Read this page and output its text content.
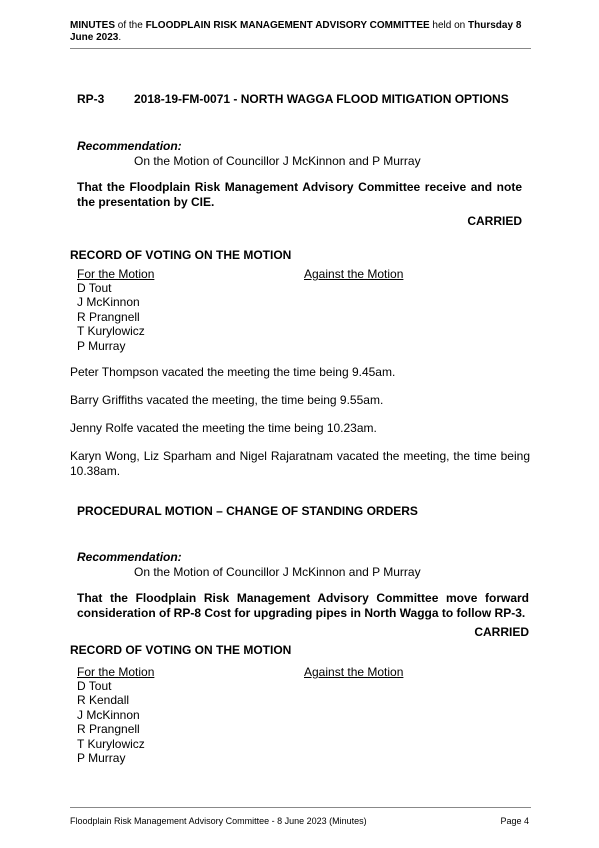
MINUTES of the FLOODPLAIN RISK MANAGEMENT ADVISORY COMMITTEE held on Thursday 8 June 2023.
RP-3 2018-19-FM-0071 - NORTH WAGGA FLOOD MITIGATION OPTIONS
Recommendation:
On the Motion of Councillor J McKinnon and P Murray
That the Floodplain Risk Management Advisory Committee receive and note the presentation by CIE.
CARRIED
RECORD OF VOTING ON THE MOTION
For the Motion	Against the Motion
D Tout
J McKinnon
R Prangnell
T Kurylowicz
P Murray
Peter Thompson vacated the meeting the time being 9.45am.
Barry Griffiths vacated the meeting, the time being 9.55am.
Jenny Rolfe vacated the meeting the time being 10.23am.
Karyn Wong, Liz Sparham and Nigel Rajaratnam vacated the meeting, the time being 10.38am.
PROCEDURAL MOTION – CHANGE OF STANDING ORDERS
Recommendation:
On the Motion of Councillor J McKinnon and P Murray
That the Floodplain Risk Management Advisory Committee move forward consideration of RP-8 Cost for upgrading pipes in North Wagga to follow RP-3.
CARRIED
RECORD OF VOTING ON THE MOTION
For the Motion	Against the Motion
D Tout
R Kendall
J McKinnon
R Prangnell
T Kurylowicz
P Murray
Floodplain Risk Management Advisory Committee - 8 June 2023 (Minutes)	Page 4
